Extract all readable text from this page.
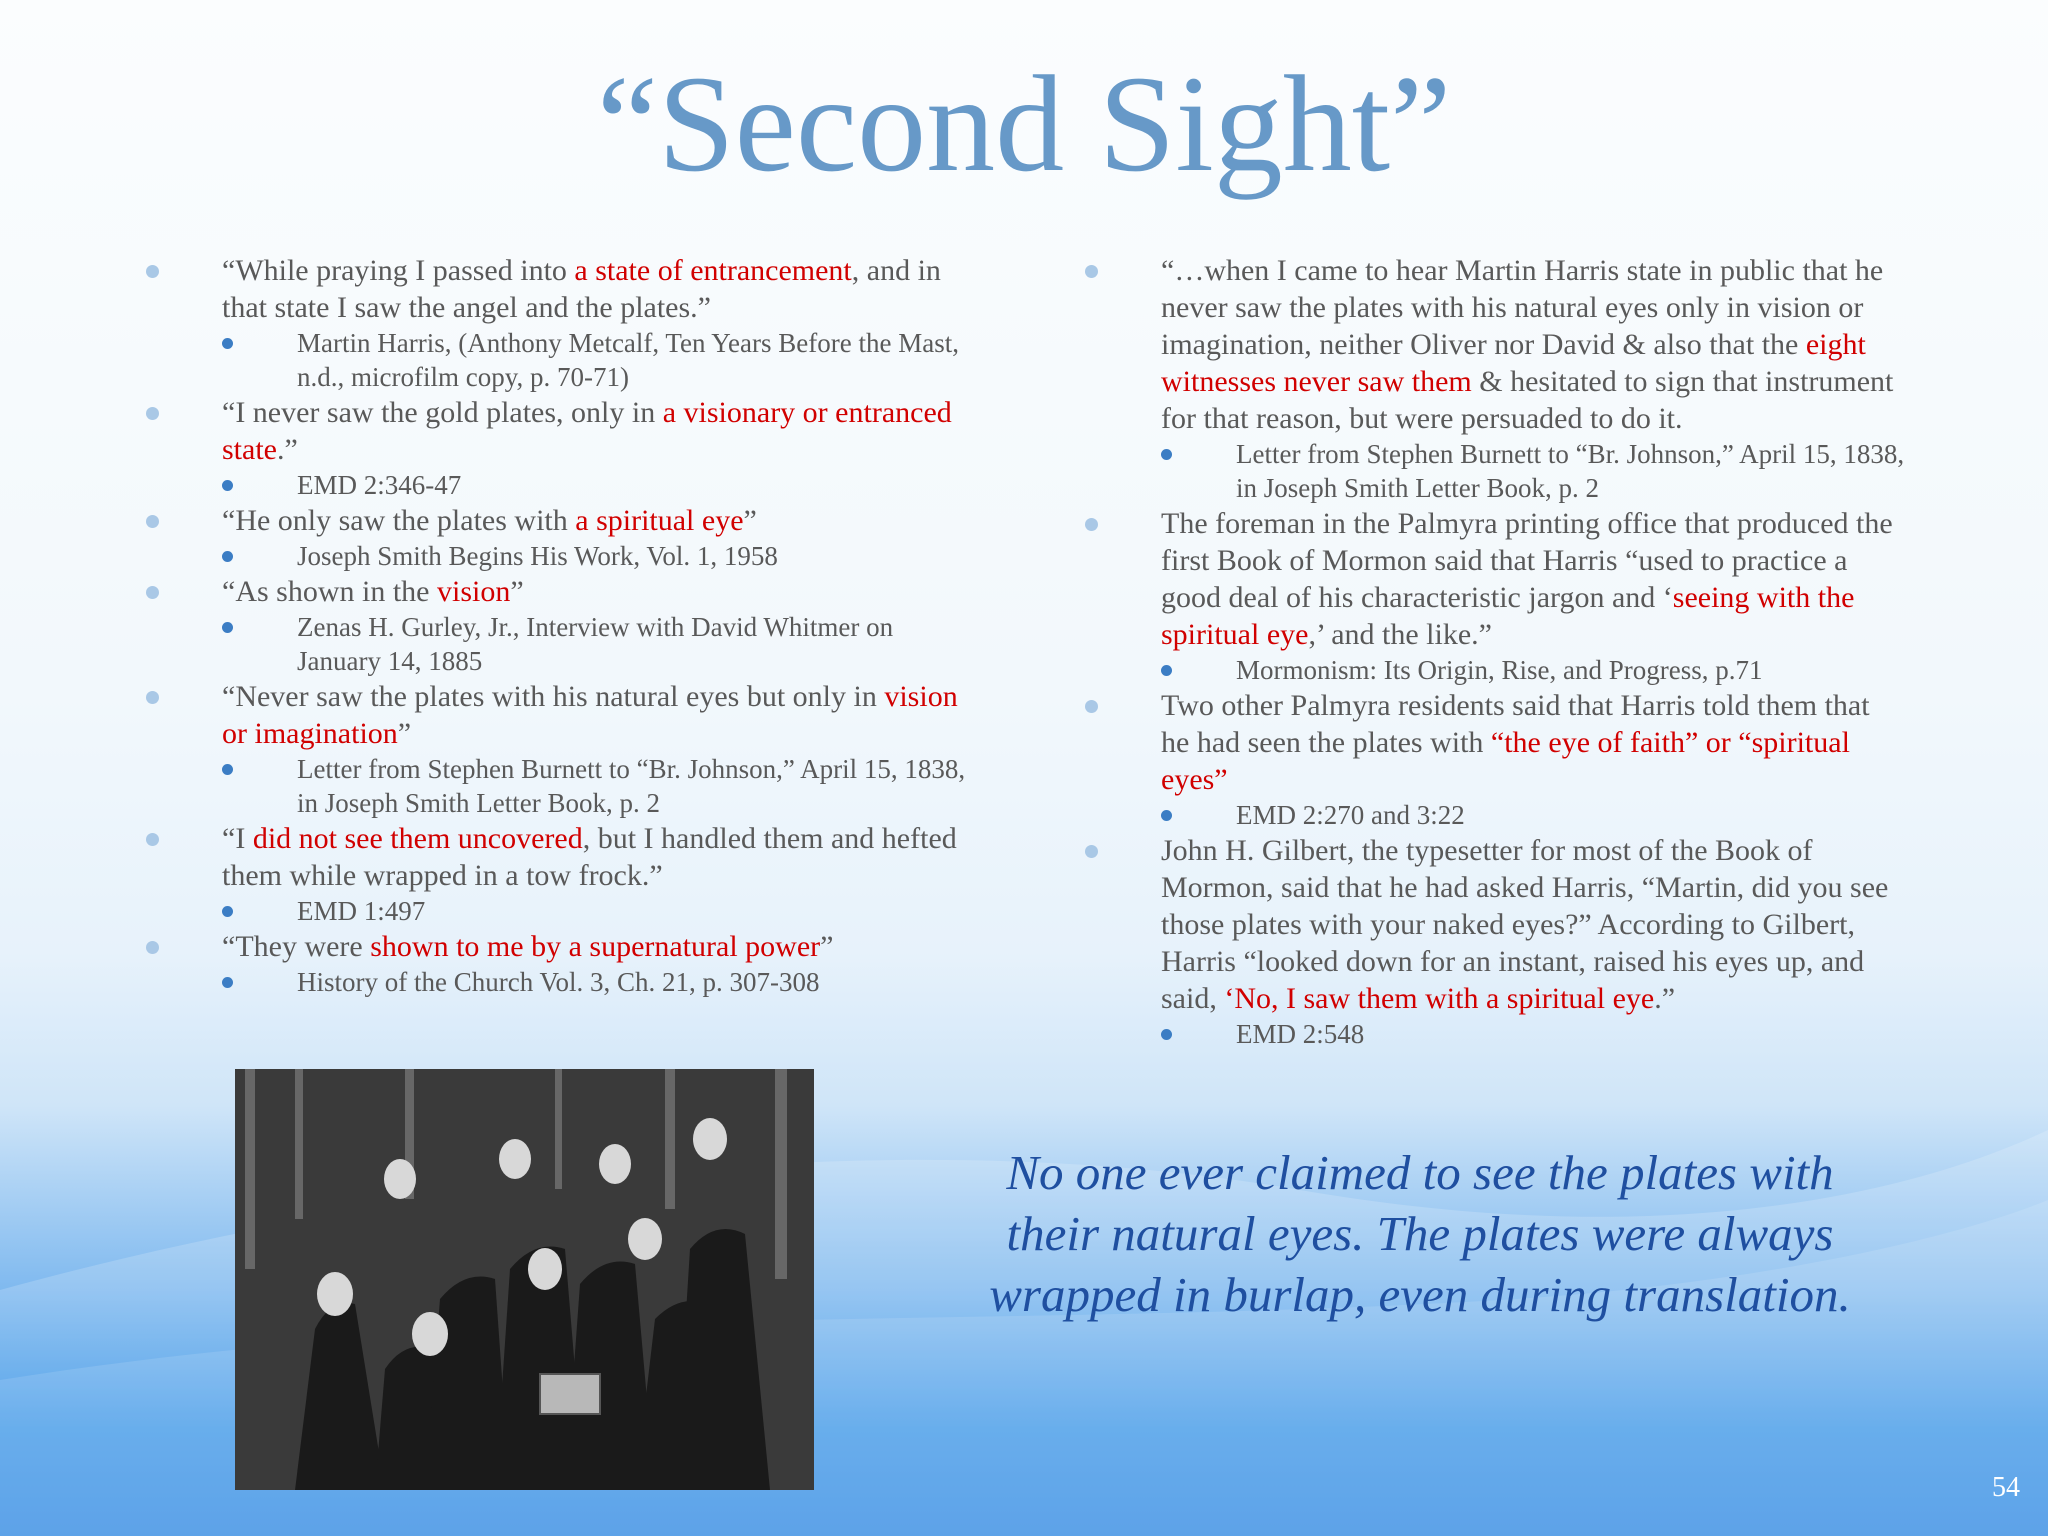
“Second Sight”
“While praying I passed into a state of entrancement, and in that state I saw the angel and the plates.”
Martin Harris, (Anthony Metcalf, Ten Years Before the Mast, n.d., microfilm copy, p. 70-71)
“I never saw the gold plates, only in a visionary or entranced state.”
EMD 2:346-47
“He only saw the plates with a spiritual eye”
Joseph Smith Begins His Work, Vol. 1, 1958
“As shown in the vision”
Zenas H. Gurley, Jr., Interview with David Whitmer on January 14, 1885
“Never saw the plates with his natural eyes but only in vision or imagination”
Letter from Stephen Burnett to “Br. Johnson,” April 15, 1838, in Joseph Smith Letter Book, p. 2
“I did not see them uncovered, but I handled them and hefted them while wrapped in a tow frock.”
EMD 1:497
“They were shown to me by a supernatural power”
History of the Church Vol. 3, Ch. 21, p. 307-308
“…when I came to hear Martin Harris state in public that he never saw the plates with his natural eyes only in vision or imagination, neither Oliver nor David & also that the eight witnesses never saw them & hesitated to sign that instrument for that reason, but were persuaded to do it.
Letter from Stephen Burnett to “Br. Johnson,” April 15, 1838, in Joseph Smith Letter Book, p. 2
The foreman in the Palmyra printing office that produced the first Book of Mormon said that Harris “used to practice a good deal of his characteristic jargon and ‘seeing with the spiritual eye,’ and the like.”
Mormonism: Its Origin, Rise, and Progress, p.71
Two other Palmyra residents said that Harris told them that he had seen the plates with “the eye of faith” or “spiritual eyes”
EMD 2:270 and 3:22
John H. Gilbert, the typesetter for most of the Book of Mormon, said that he had asked Harris, “Martin, did you see those plates with your naked eyes?” According to Gilbert, Harris “looked down for an instant, raised his eyes up, and said, ‘No, I saw them with a spiritual eye.”
EMD 2:548
No one ever claimed to see the plates with their natural eyes. The plates were always wrapped in burlap, even during translation.
54
